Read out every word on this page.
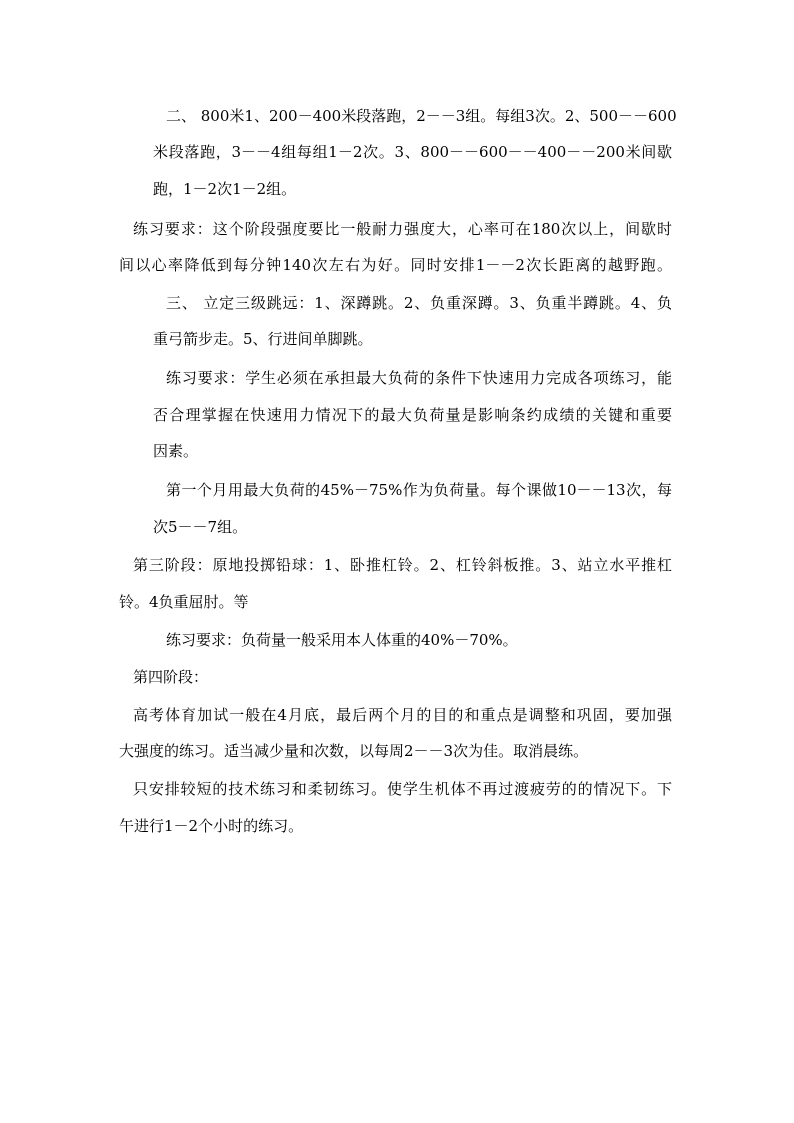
二、 800米1、200－400米段落跑，2－－3组。每组3次。2、500－－600
米段落跑，3－－4组每组1－2次。3、800－－600－－400－－200米间歇
跑，1－2次1－2组。
练习要求：这个阶段强度要比一般耐力强度大，心率可在180次以上，间歇时
间以心率降低到每分钟140次左右为好。同时安排1－－2次长距离的越野跑。
三、 立定三级跳远：1、深蹲跳。2、负重深蹲。3、负重半蹲跳。4、负
重弓箭步走。5、行进间单脚跳。
练习要求：学生必须在承担最大负荷的条件下快速用力完成各项练习，能
否合理掌握在快速用力情况下的最大负荷量是影响条约成绩的关键和重要
因素。
第一个月用最大负荷的45%－75%作为负荷量。每个课做10－－13次，每
次5－－7组。
第三阶段：原地投掷铅球：1、卧推杠铃。2、杠铃斜板推。3、站立水平推杠
铃。4负重屈肘。等
练习要求：负荷量一般采用本人体重的40%－70%。
第四阶段：
高考体育加试一般在4月底，最后两个月的目的和重点是调整和巩固，要加强
大强度的练习。适当减少量和次数，以每周2－－3次为佳。取消晨练。
只安排较短的技术练习和柔韧练习。使学生机体不再过渡疲劳的的情况下。下
午进行1－2个小时的练习。
